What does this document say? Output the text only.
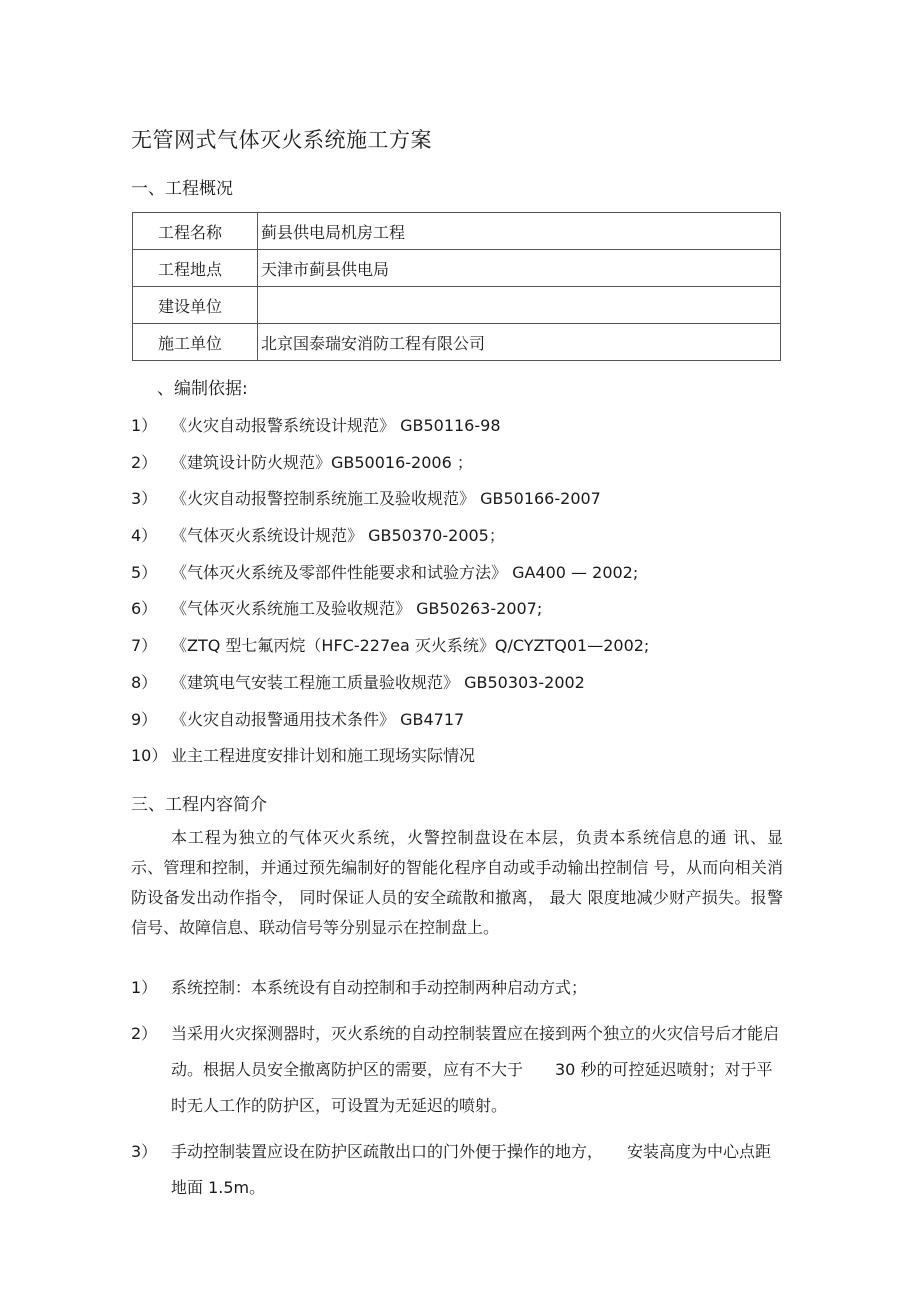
无管网式气体灭火系统施工方案
一、工程概况
工程名称	蓟县供电局机房工程
工程地点	天津市蓟县供电局
建设单位	
施工单位	北京国泰瑞安消防工程有限公司
、编制依据:
1） 《火灾自动报警系统设计规范》 GB50116-98
2） 《建筑设计防火规范》GB50016-2006 ；
3） 《火灾自动报警控制系统施工及验收规范》 GB50166-2007
4） 《气体灭火系统设计规范》 GB50370-2005；
5） 《气体灭火系统及零部件性能要求和试验方法》 GA400 — 2002;
6） 《气体灭火系统施工及验收规范》 GB50263-2007;
7） 《ZTQ 型七氟丙烷（HFC-227ea 灭火系统》Q/CYZTQ01—2002;
8） 《建筑电气安装工程施工质量验收规范》 GB50303-2002
9） 《火灾自动报警通用技术条件》 GB4717
10） 业主工程进度安排计划和施工现场实际情况
三、工程内容简介
本工程为独立的气体灭火系统，火警控制盘设在本层，负责本系统信息的通 讯、显示、管理和控制，并通过预先编制好的智能化程序自动或手动输出控制信 号，从而向相关消防设备发出动作指令， 同时保证人员的安全疏散和撤离， 最大 限度地减少财产损失。报警信号、故障信息、联动信号等分别显示在控制盘上。
1） 系统控制：本系统设有自动控制和手动控制两种启动方式；
2） 当采用火灾探测器时，灭火系统的自动控制装置应在接到两个独立的火灾信号后才能启动。根据人员安全撤离防护区的需要，应有不大于　　30 秒的可控延迟喷射；对于平时无人工作的防护区，可设置为无延迟的喷射。
3） 手动控制装置应设在防护区疏散出口的门外便于操作的地方，　　安装高度为中心点距地面 1.5m。
